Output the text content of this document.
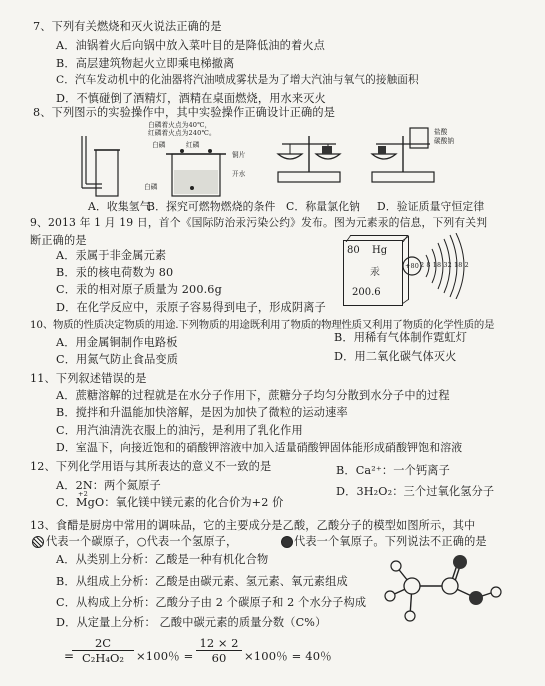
7、下列有关燃烧和灭火说法正确的是
A．油锅着火后向锅中放入菜叶目的是降低油的着火点
B．高层建筑物起火立即乘电梯撤离
C．汽车发动机中的化油器将汽油喷成雾状是为了增大汽油与氧气的接触面积
D．不慎碰倒了酒精灯，酒精在桌面燃烧，用水来灭火
8、下列图示的实验操作中，其中实验操作正确设计正确的是
白磷着火点为40℃，
红磷着火点为240℃。
白磷	红磷
铜片
开水
白磷
盐酸
碳酸钠
A．收集氢气
B．探究可燃物燃烧的条件 C．称量氯化钠 D．验证质量守恒定律
9、2013 年 1 月 19 日，首个《国际防治汞污染公约》发布。图为元素汞的信息，下列有关判
断正确的是
A．汞属于非金属元素
B．汞的核电荷数为 80
C．汞的相对原子质量为 200.6g
D．在化学反应中，汞原子容易得到电子，形成阴离子
80 Hg
汞
200.6
+80 2 8 18 32 18 2
10、物质的性质决定物质的用途.下列物质的用途既利用了物质的物理性质又利用了物质的化学性质的是
A．用金属铜制作电路板	B．用稀有气体制作霓虹灯
C．用氮气防止食品变质	D．用二氧化碳气体灭火
11、下列叙述错误的是
A．蔗糖溶解的过程就是在水分子作用下，蔗糖分子均匀分散到水分子中的过程
B．搅拌和升温能加快溶解，是因为加快了微粒的运动速率
C．用汽油清洗衣服上的油污，是利用了乳化作用
D．室温下，向接近饱和的硝酸钾溶液中加入适量硝酸钾固体能形成硝酸钾饱和溶液
12、下列化学用语与其所表达的意义不一致的是
A．2N：两个氮原子
B．Ca²⁺：一个钙离子
+2
C．MgO：氧化镁中镁元素的化合价为+2 价
D．3H₂O₂：三个过氧化氢分子
13、食醋是厨房中常用的调味品，它的主要成分是乙酸，乙酸分子的模型如图所示，其中
代表一个碳原子，○代表一个氢原子，	代表一个氧原子。下列说法不正确的是
A．从类别上分析：乙酸是一种有机化合物
B．从组成上分析：乙酸是由碳元素、氢元素、氧元素组成
C．从构成上分析：乙酸分子由 2 个碳原子和 2 个水分子构成
D．从定量上分析： 乙酸中碳元素的质量分数（C%）
=
$\frac{2C}{\text{C₂H₄O₂}} \times 100$％ = $\frac{12 \times 2}{60} \times 100$％ = 40％
